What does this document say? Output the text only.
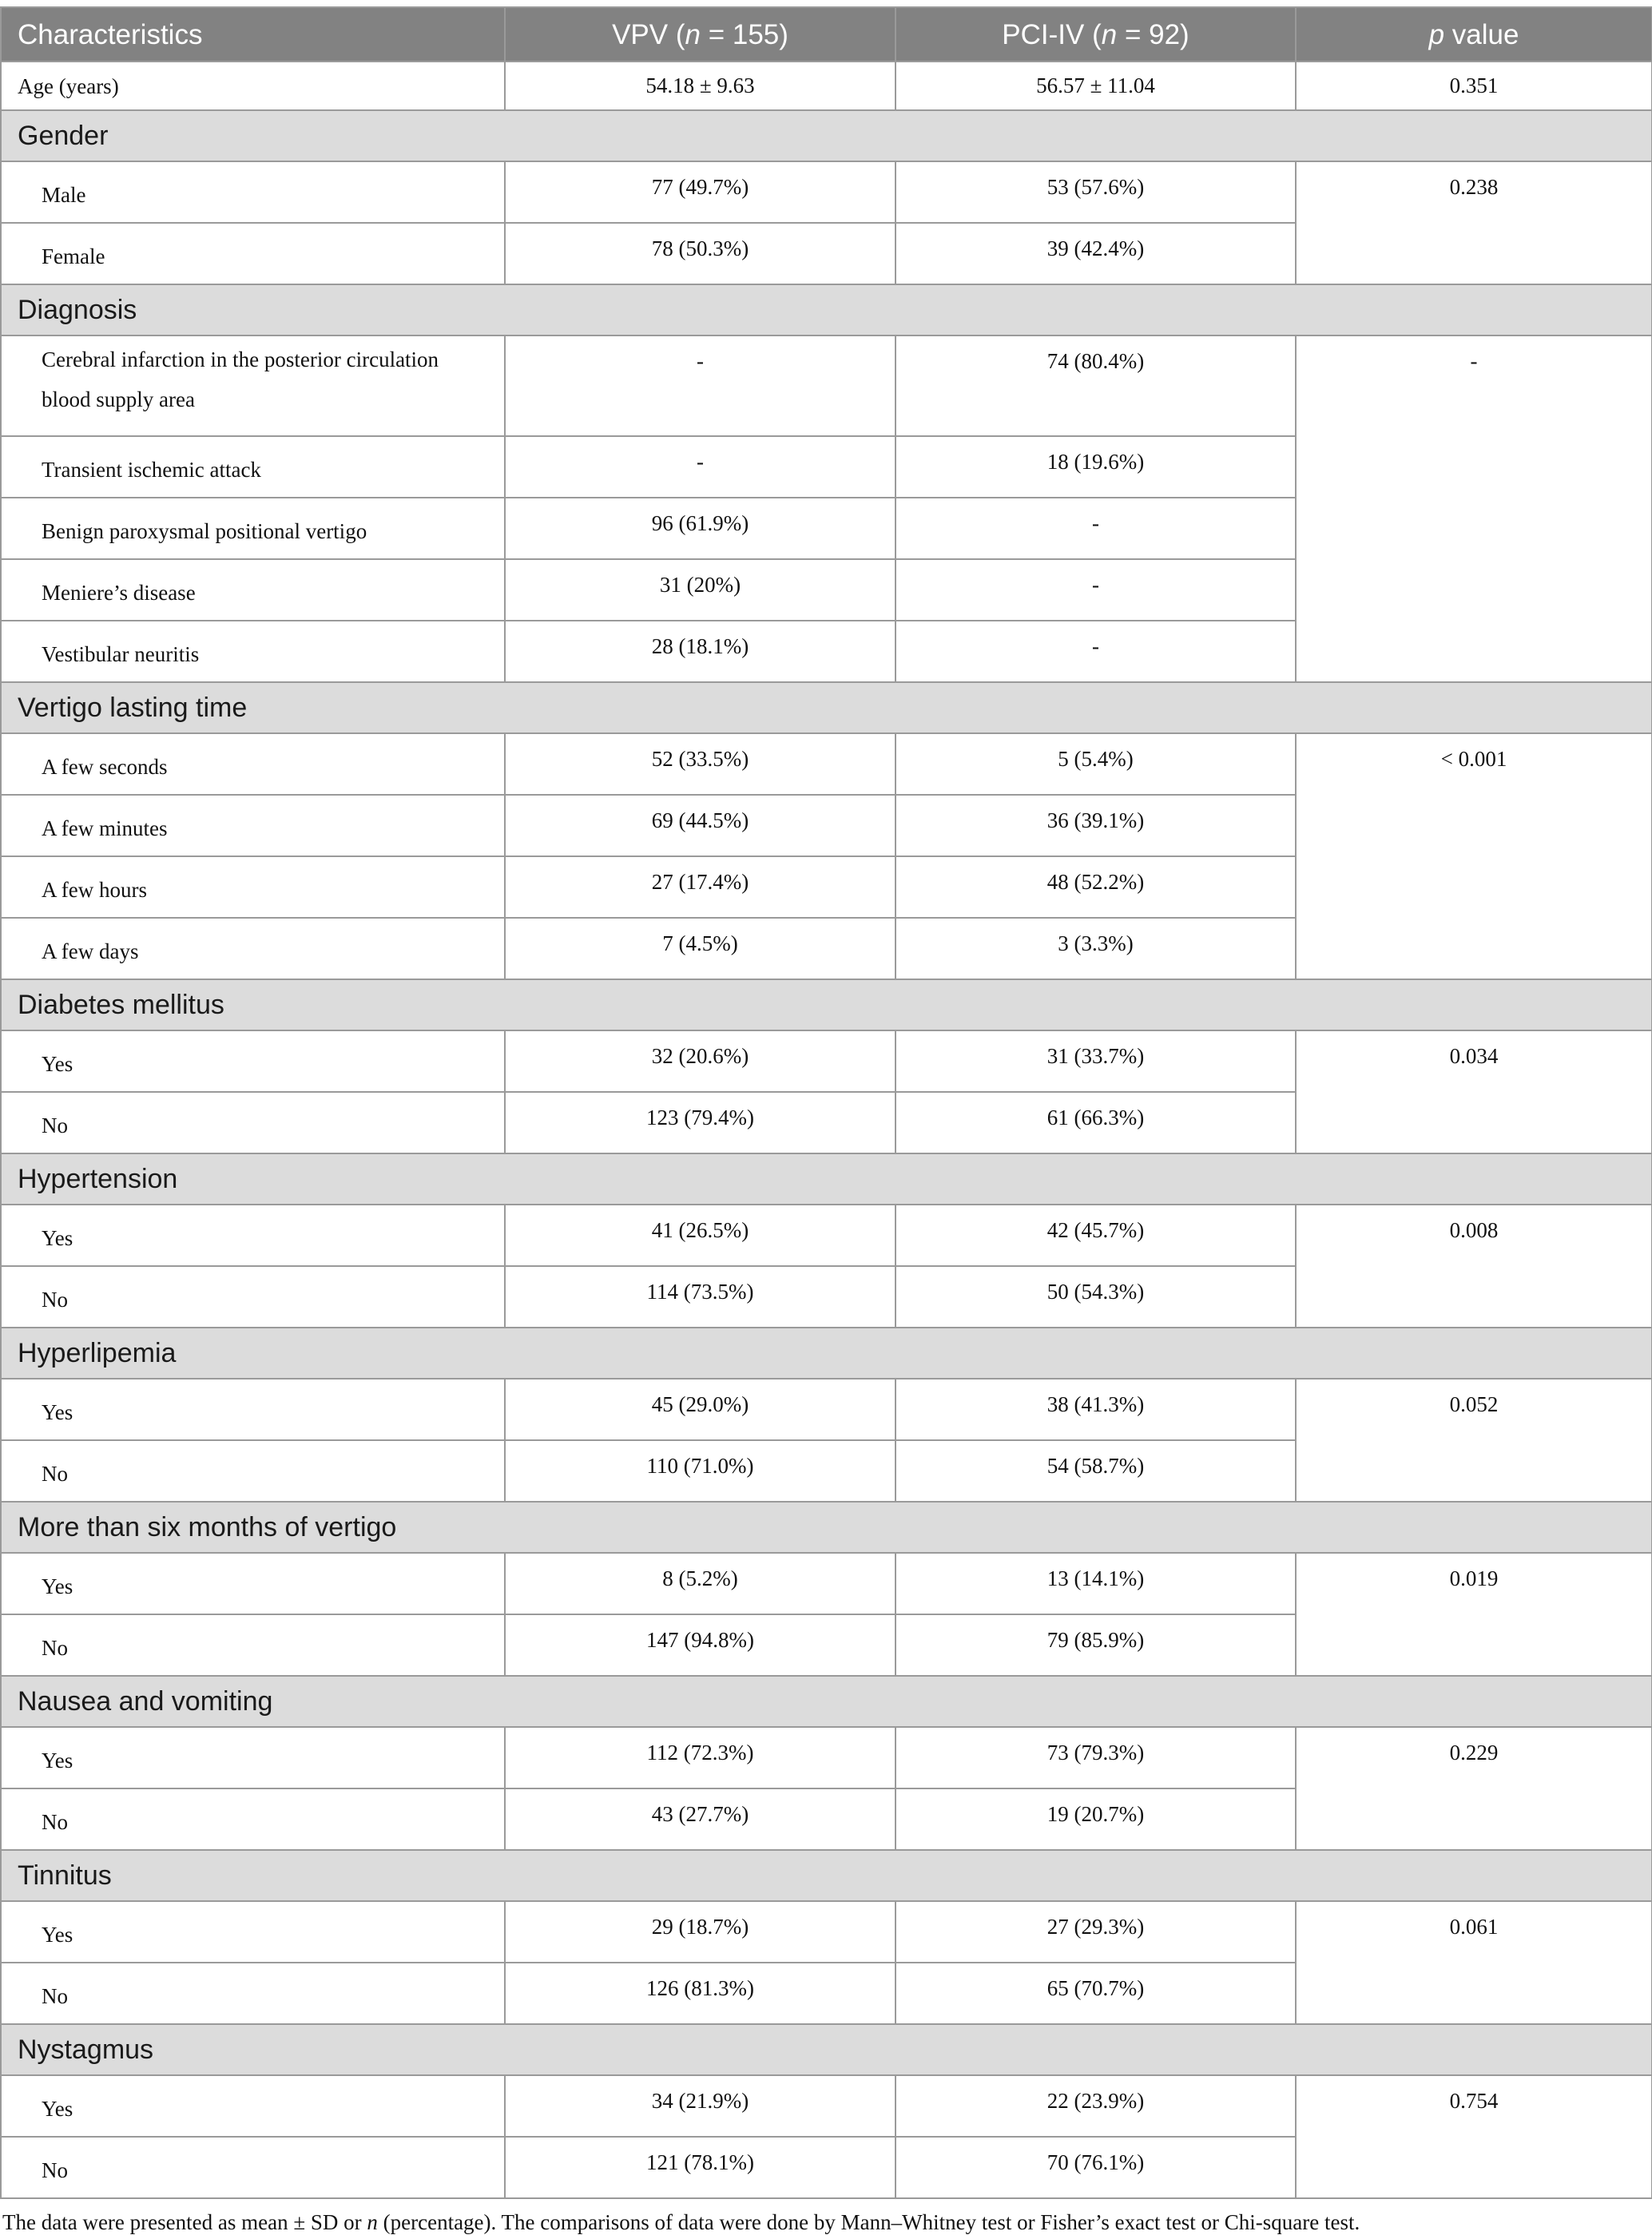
Characteristics	VPV (n = 155)	PCI-IV (n = 92)	p value
Age (years)	54.18 ± 9.63	56.57 ± 11.04	0.351
Gender			
Male	77 (49.7%)	53 (57.6%)	0.238
Female	78 (50.3%)	39 (42.4%)	
Diagnosis			
Cerebral infarction in the posterior circulation blood supply area	-	74 (80.4%)	-
Transient ischemic attack	-	18 (19.6%)	
Benign paroxysmal positional vertigo	96 (61.9%)	-	
Meniere’s disease	31 (20%)	-	
Vestibular neuritis	28 (18.1%)	-	
Vertigo lasting time			
A few seconds	52 (33.5%)	5 (5.4%)	< 0.001
A few minutes	69 (44.5%)	36 (39.1%)	
A few hours	27 (17.4%)	48 (52.2%)	
A few days	7 (4.5%)	3 (3.3%)	
Diabetes mellitus			
Yes	32 (20.6%)	31 (33.7%)	0.034
No	123 (79.4%)	61 (66.3%)	
Hypertension			
Yes	41 (26.5%)	42 (45.7%)	0.008
No	114 (73.5%)	50 (54.3%)	
Hyperlipemia			
Yes	45 (29.0%)	38 (41.3%)	0.052
No	110 (71.0%)	54 (58.7%)	
More than six months of vertigo			
Yes	8 (5.2%)	13 (14.1%)	0.019
No	147 (94.8%)	79 (85.9%)	
Nausea and vomiting			
Yes	112 (72.3%)	73 (79.3%)	0.229
No	43 (27.7%)	19 (20.7%)	
Tinnitus			
Yes	29 (18.7%)	27 (29.3%)	0.061
No	126 (81.3%)	65 (70.7%)	
Nystagmus			
Yes	34 (21.9%)	22 (23.9%)	0.754
No	121 (78.1%)	70 (76.1%)	
The data were presented as mean ± SD or n (percentage). The comparisons of data were done by Mann–Whitney test or Fisher’s exact test or Chi-square test.
